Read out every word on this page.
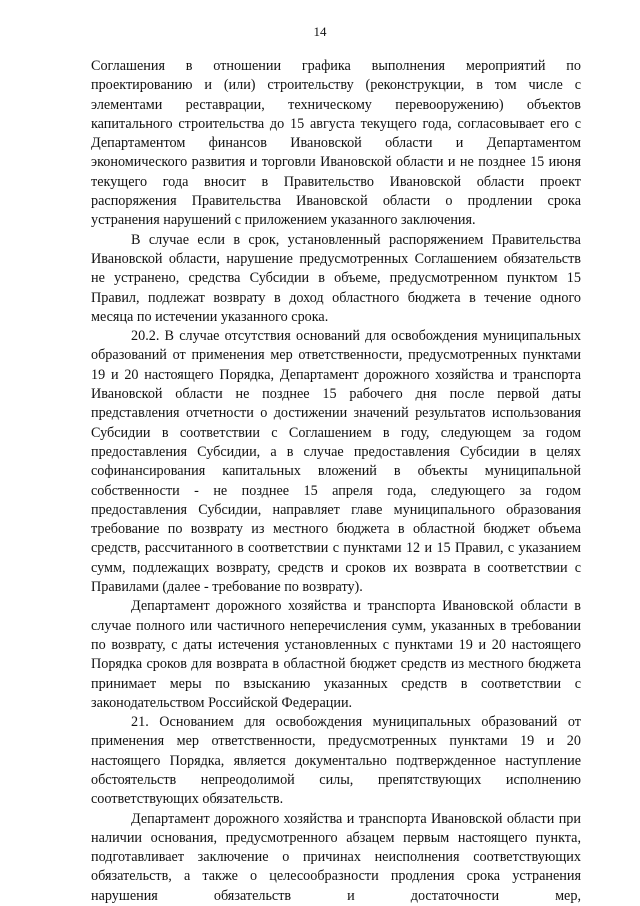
14

Соглашения в отношении графика выполнения мероприятий по проектированию и (или) строительству (реконструкции, в том числе с элементами реставрации, техническому перевооружению) объектов капитального строительства до 15 августа текущего года, согласовывает его с Департаментом финансов Ивановской области и Департаментом экономического развития и торговли Ивановской области и не позднее 15 июня текущего года вносит в Правительство Ивановской области проект распоряжения Правительства Ивановской области о продлении срока устранения нарушений с приложением указанного заключения.

В случае если в срок, установленный распоряжением Правительства Ивановской области, нарушение предусмотренных Соглашением обязательств не устранено, средства Субсидии в объеме, предусмотренном пунктом 15 Правил, подлежат возврату в доход областного бюджета в течение одного месяца по истечении указанного срока.

20.2. В случае отсутствия оснований для освобождения муниципальных образований от применения мер ответственности, предусмотренных пунктами 19 и 20 настоящего Порядка, Департамент дорожного хозяйства и транспорта Ивановской области не позднее 15 рабочего дня после первой даты представления отчетности о достижении значений результатов использования Субсидии в соответствии с Соглашением в году, следующем за годом предоставления Субсидии, а в случае предоставления Субсидии в целях софинансирования капитальных вложений в объекты муниципальной собственности - не позднее 15 апреля года, следующего за годом предоставления Субсидии, направляет главе муниципального образования требование по возврату из местного бюджета в областной бюджет объема средств, рассчитанного в соответствии с пунктами 12 и 15 Правил, с указанием сумм, подлежащих возврату, средств и сроков их возврата в соответствии с Правилами (далее - требование по возврату).

Департамент дорожного хозяйства и транспорта Ивановской области в случае полного или частичного неперечисления сумм, указанных в требовании по возврату, с даты истечения установленных с пунктами 19 и 20 настоящего Порядка сроков для возврата в областной бюджет средств из местного бюджета принимает меры по взысканию указанных средств в соответствии с законодательством Российской Федерации.

21. Основанием для освобождения муниципальных образований от применения мер ответственности, предусмотренных пунктами 19 и 20 настоящего Порядка, является документально подтвержденное наступление обстоятельств непреодолимой силы, препятствующих исполнению соответствующих обязательств.

Департамент дорожного хозяйства и транспорта Ивановской области при наличии основания, предусмотренного абзацем первым настоящего пункта, подготавливает заключение о причинах неисполнения соответствующих обязательств, а также о целесообразности продления срока устранения нарушения обязательств и достаточности мер,
